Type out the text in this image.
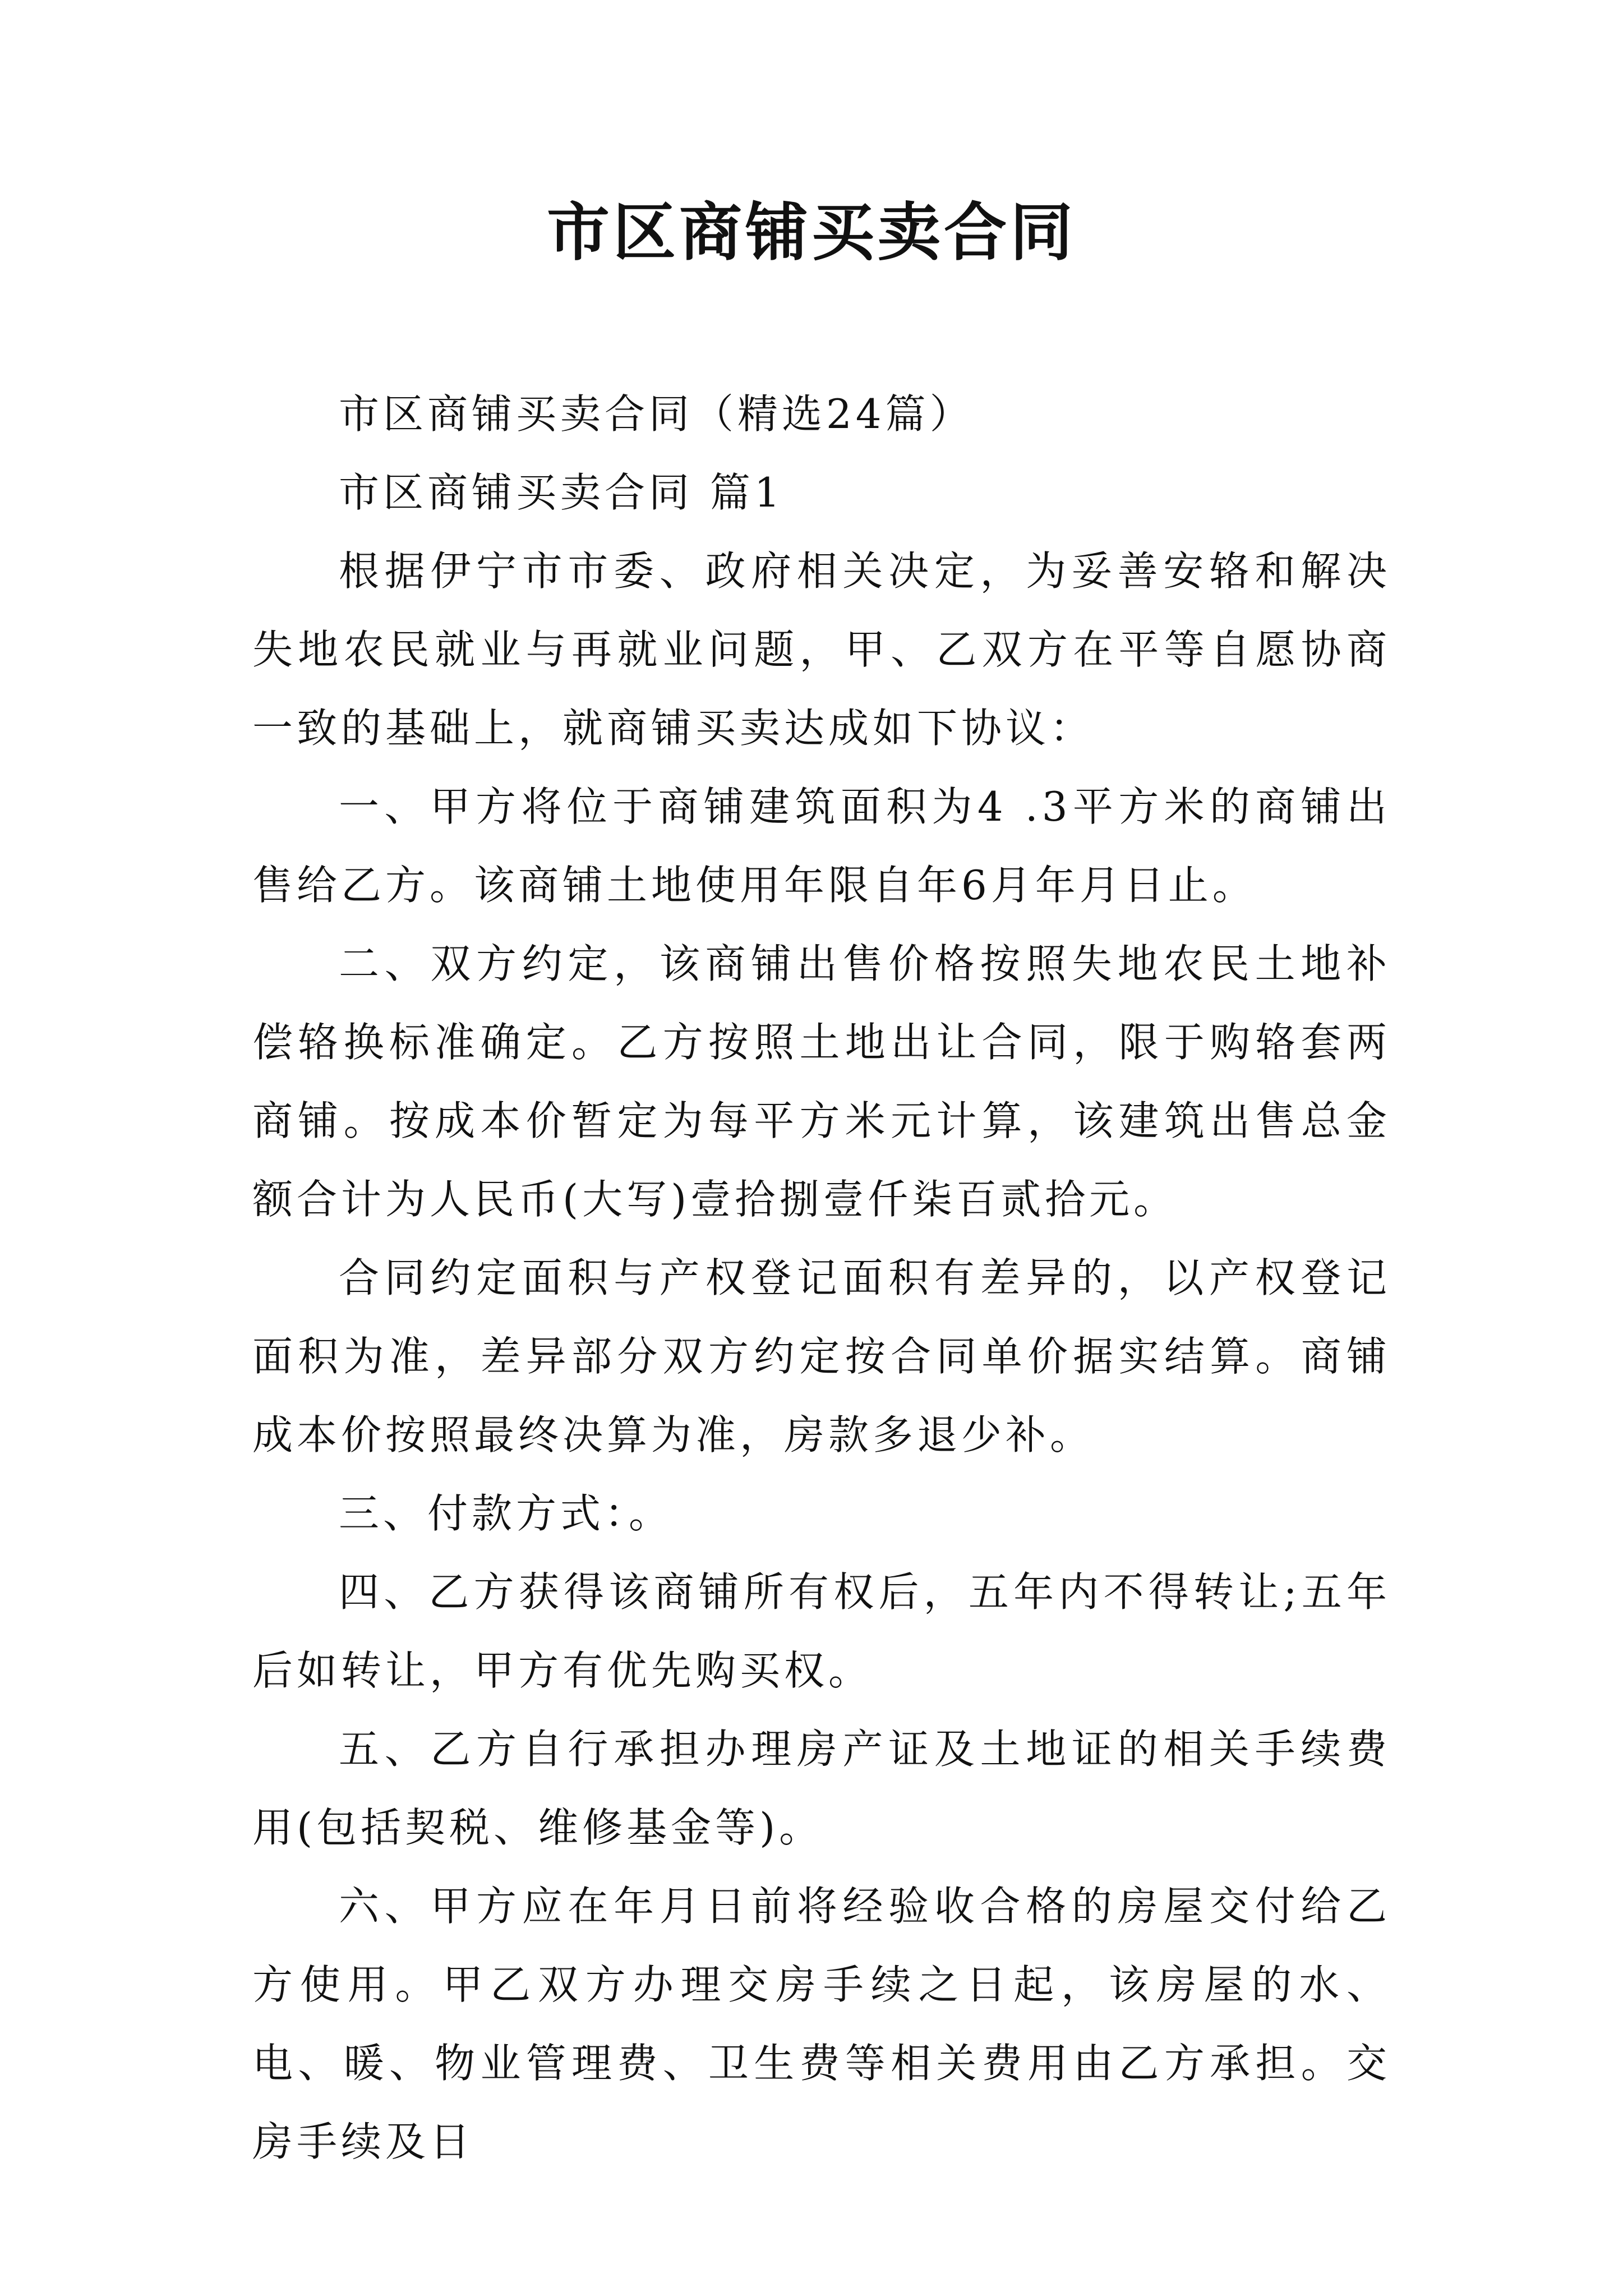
市区商铺买卖合同

市区商铺买卖合同（精选24篇）

市区商铺买卖合同 篇1

根据伊宁市市委、政府相关决定，为妥善安辂和解决失地农民就业与再就业问题，甲、乙双方在平等自愿协商一致的基础上，就商铺买卖达成如下协议：

一、甲方将位于商铺建筑面积为4 .3平方米的商铺出售给乙方。该商铺土地使用年限自年6月年月日止。

二、双方约定，该商铺出售价格按照失地农民土地补偿辂换标准确定。乙方按照土地出让合同，限于购辂套两商铺。按成本价暂定为每平方米元计算，该建筑出售总金额合计为人民币(大写)壹拾捌壹仟柒百贰拾元。

合同约定面积与产权登记面积有差异的，以产权登记面积为准，差异部分双方约定按合同单价据实结算。商铺成本价按照最终决算为准，房款多退少补。

三、付款方式：。

四、乙方获得该商铺所有权后，五年内不得转让;五年后如转让，甲方有优先购买权。

五、乙方自行承担办理房产证及土地证的相关手续费用(包括契税、维修基金等)。

六、甲方应在年月日前将经验收合格的房屋交付给乙方使用。甲乙双方办理交房手续之日起，该房屋的水、电、暖、物业管理费、卫生费等相关费用由乙方承担。交房手续及日
